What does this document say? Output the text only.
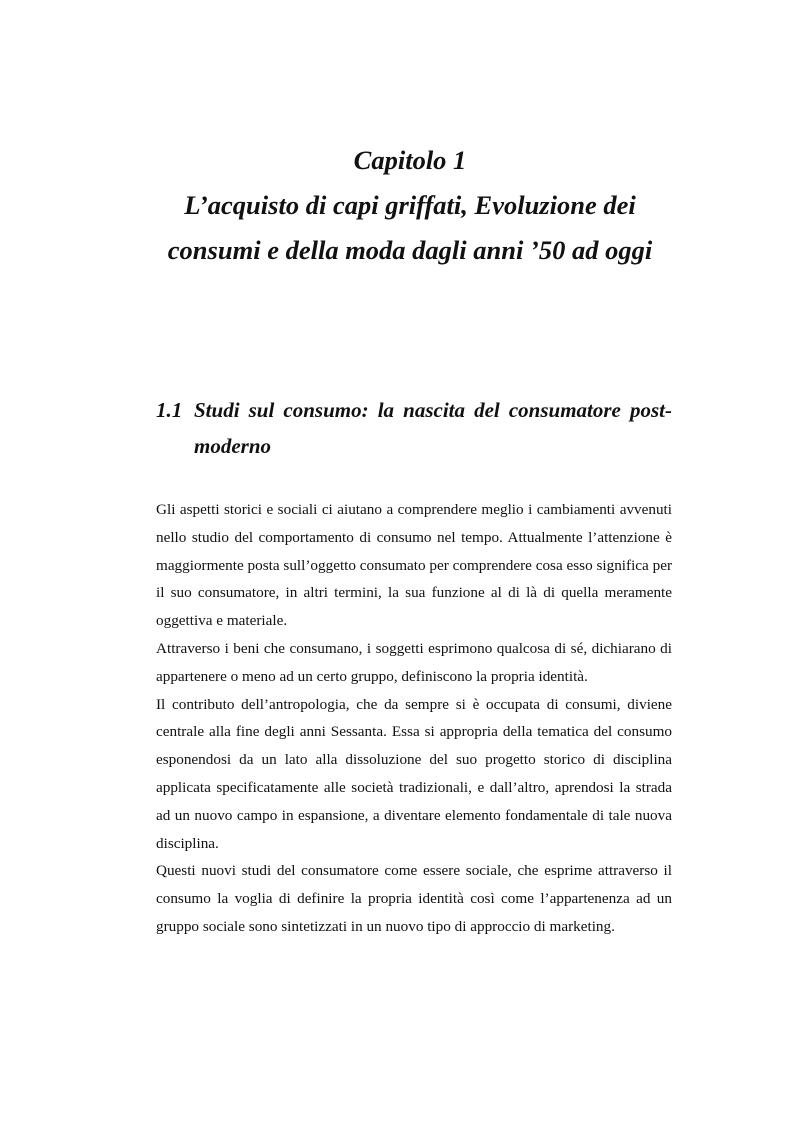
Capitolo 1
L’acquisto di capi griffati, Evoluzione dei
consumi e della moda dagli anni ’50 ad oggi
1.1 Studi sul consumo: la nascita del consumatore post-moderno

Gli aspetti storici e sociali ci aiutano a comprendere meglio i cambiamenti avvenuti nello studio del comportamento di consumo nel tempo. Attualmente l’attenzione è maggiormente posta sull’oggetto consumato per comprendere cosa esso significa per il suo consumatore, in altri termini, la sua funzione al di là di quella meramente oggettiva e materiale.

Attraverso i beni che consumano, i soggetti esprimono qualcosa di sé, dichiarano di appartenere o meno ad un certo gruppo, definiscono la propria identità.

Il contributo dell’antropologia, che da sempre si è occupata di consumi, diviene centrale alla fine degli anni Sessanta. Essa si appropria della tematica del consumo esponendosi da un lato alla dissoluzione del suo progetto storico di disciplina applicata specificatamente alle società tradizionali, e dall’altro, aprendosi la strada ad un nuovo campo in espansione, a diventare elemento fondamentale di tale nuova disciplina.

Questi nuovi studi del consumatore come essere sociale, che esprime attraverso il consumo la voglia di definire la propria identità così come l’appartenenza ad un gruppo sociale sono sintetizzati in un nuovo tipo di approccio di marketing.
